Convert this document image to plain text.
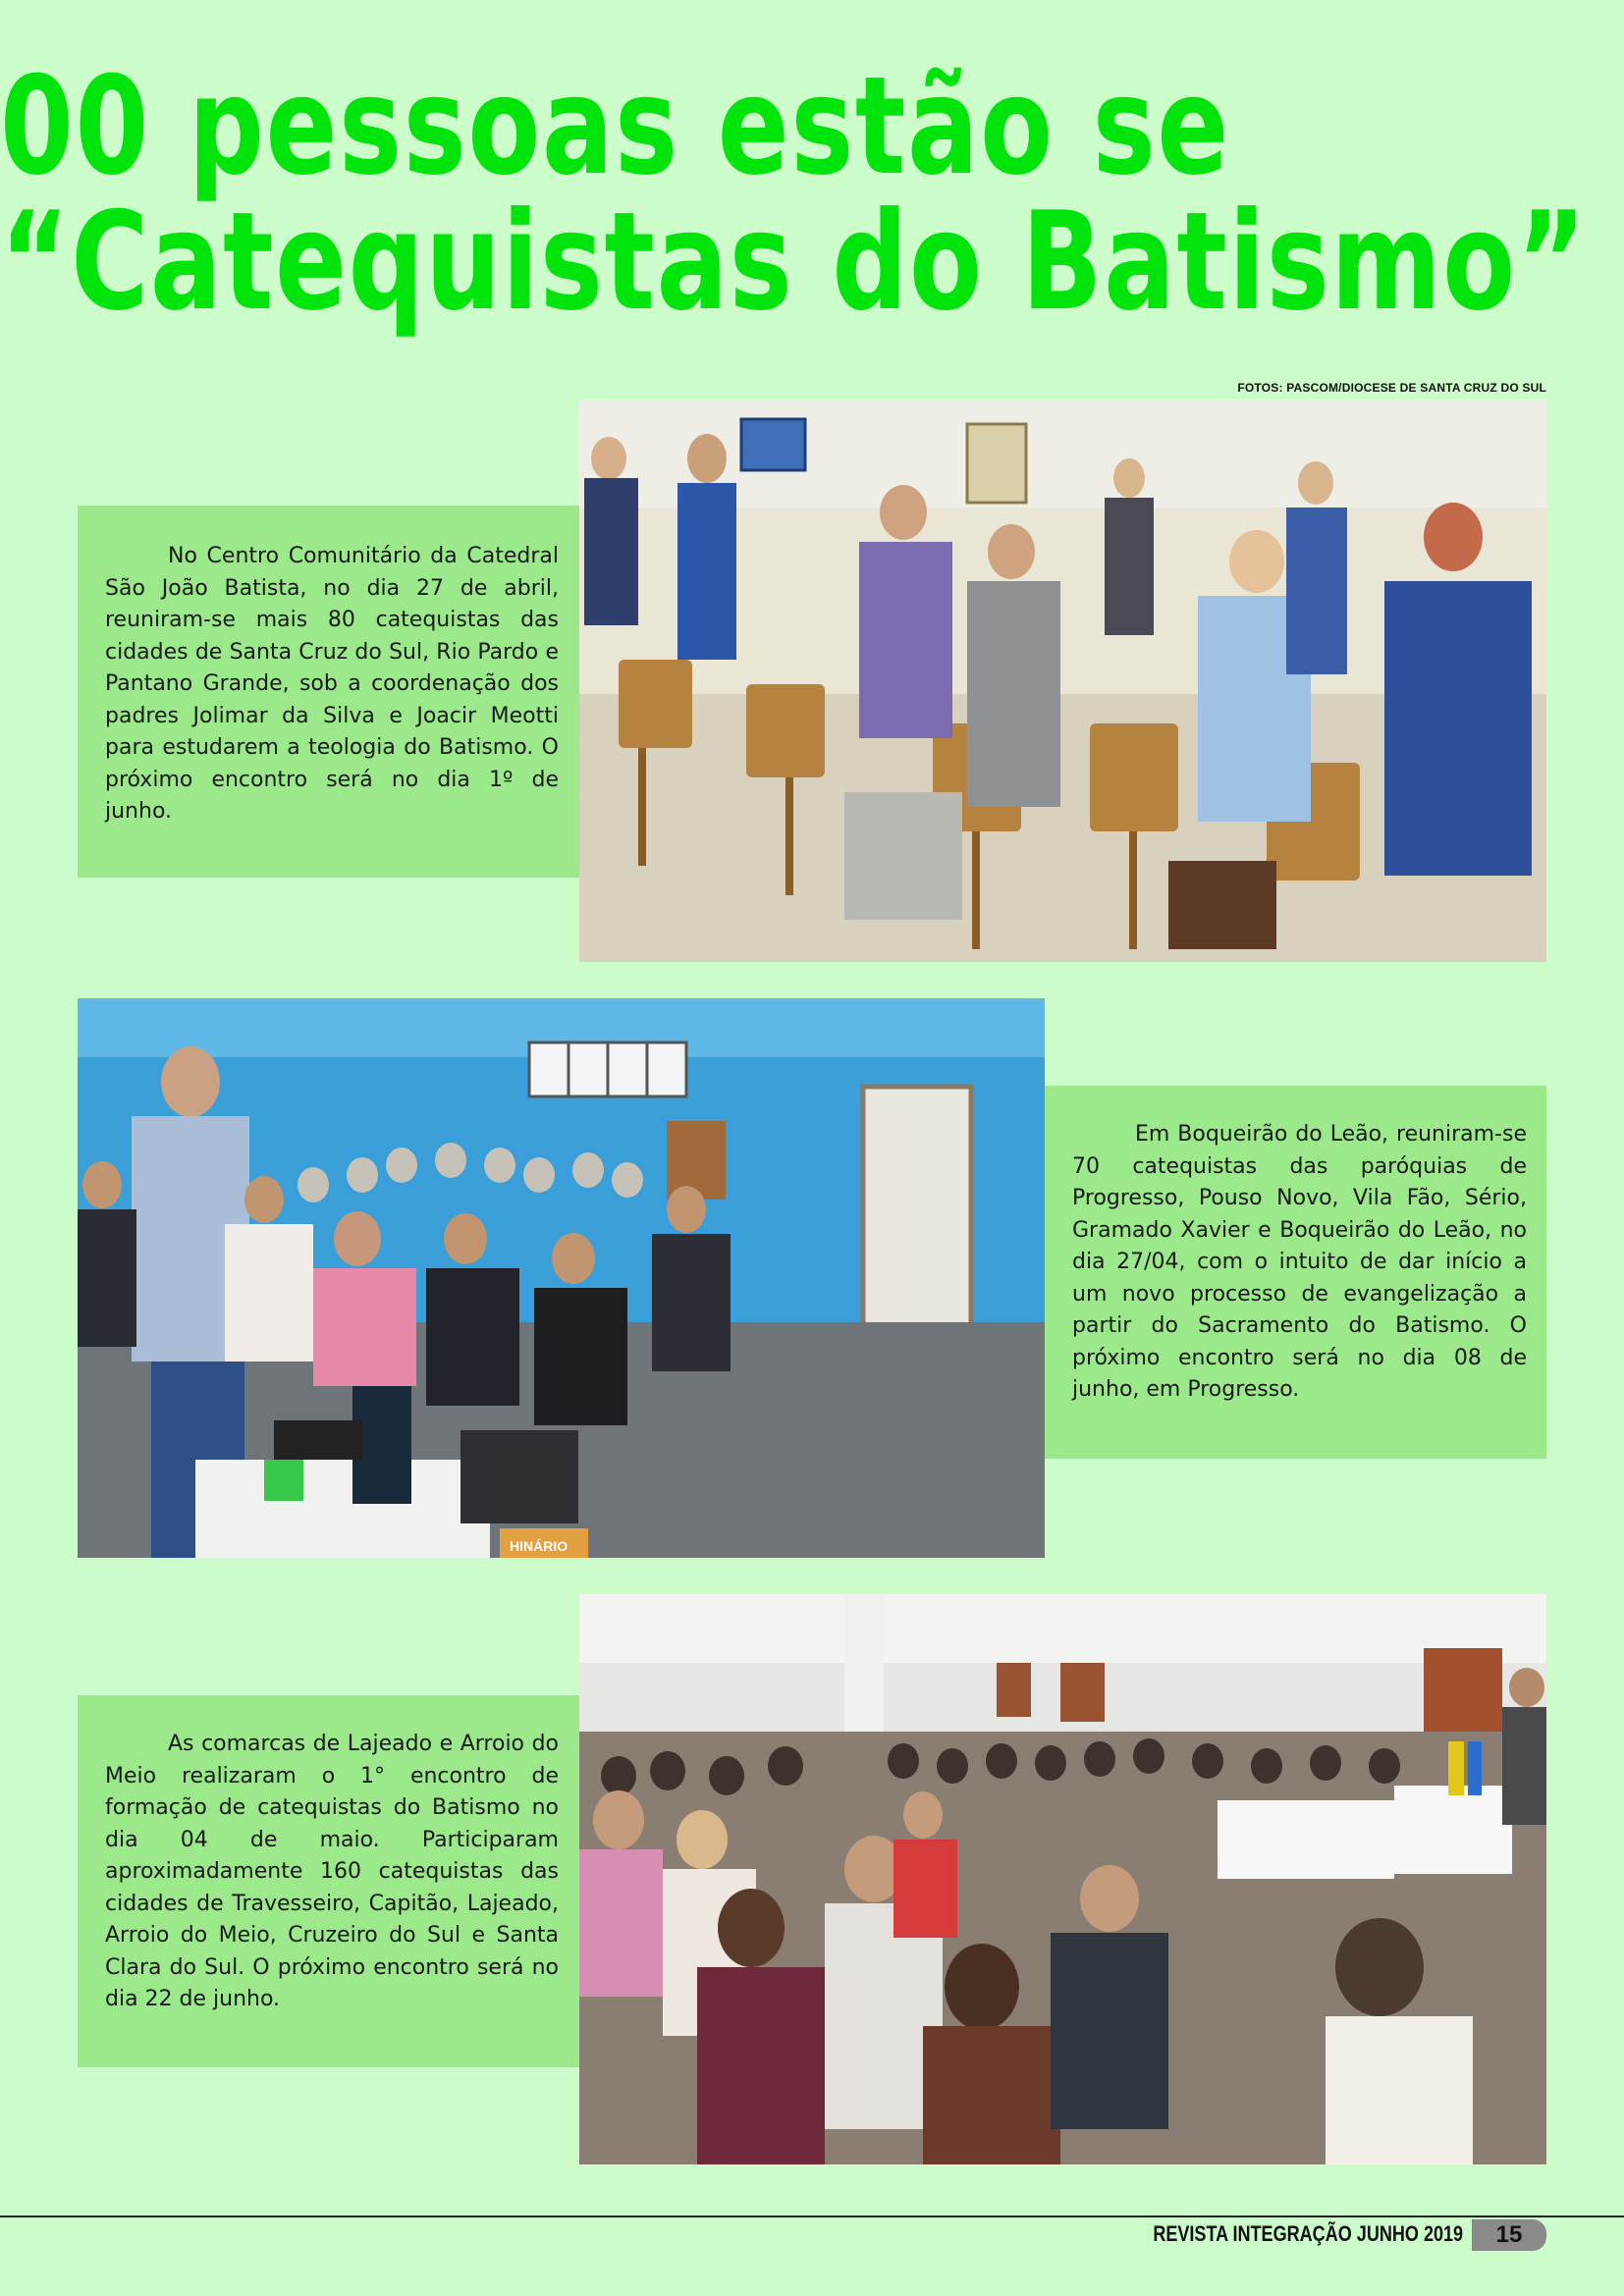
00 pessoas estão se
“Catequistas do Batismo”
FOTOS: PASCOM/DIOCESE DE SANTA CRUZ DO SUL

No Centro Comunitário da Catedral São João Batista, no dia 27 de abril, reuniram-se mais 80 catequistas das cidades de Santa Cruz do Sul, Rio Pardo e Pantano Grande, sob a coordenação dos padres Jolimar da Silva e Joacir Meotti para estudarem a teologia do Batismo. O próximo encontro será no dia 1º de junho.

HINÁRIO

Em Boqueirão do Leão, reuniram-se 70 catequistas das paróquias de Progresso, Pouso Novo, Vila Fão, Sério, Gramado Xavier e Boqueirão do Leão, no dia 27/04, com o intuito de dar início a um novo processo de evangelização a partir do Sacramento do Batismo. O próximo encontro será no dia 08 de junho, em Progresso.

As comarcas de Lajeado e Arroio do Meio realizaram o 1° encontro de formação de catequistas do Batismo no dia 04 de maio. Participaram aproximadamente 160 catequistas das cidades de Travesseiro, Capitão, Lajeado, Arroio do Meio, Cruzeiro do Sul e Santa Clara do Sul. O próximo encontro será no dia 22 de junho.

REVISTA INTEGRAÇÃO JUNHO 2019	15
